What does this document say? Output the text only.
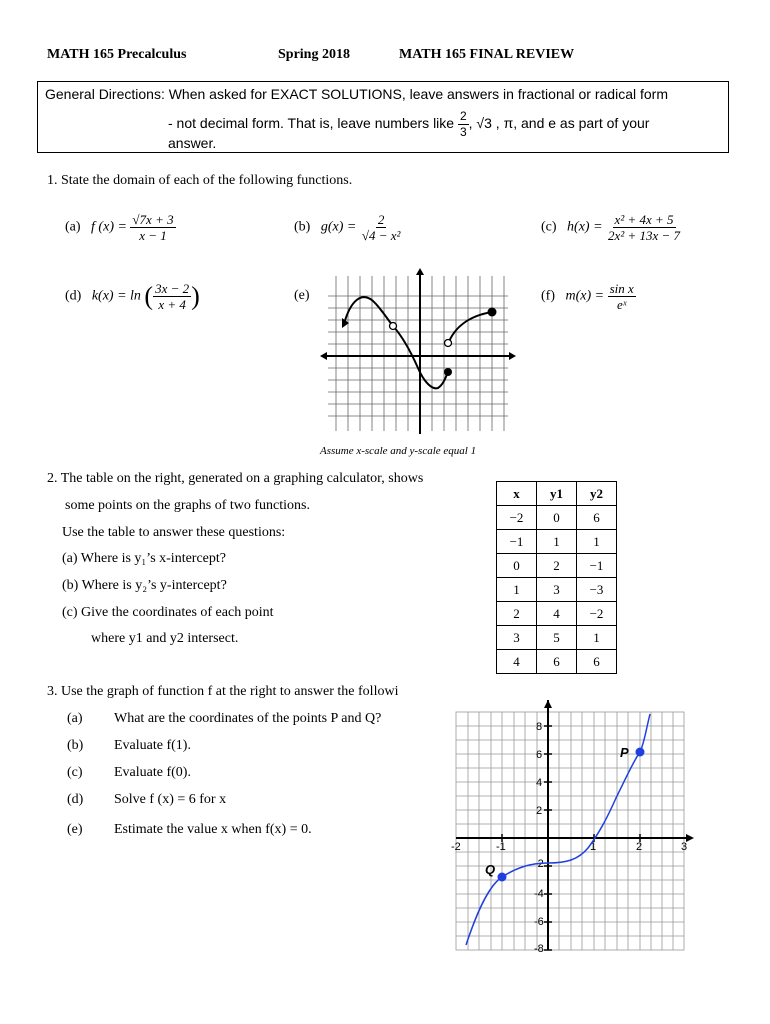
MATH 165 Precalculus	Spring 2018	MATH 165 FINAL REVIEW
General Directions: When asked for EXACT SOLUTIONS, leave answers in fractional or radical form
- not decimal form. That is, leave numbers like $\frac{2}{3}$ , √3 , π, and e as part of your
answer.
1. State the domain of each of the following functions.
(a) f $(x) = \frac{√7x + 3}{x - 1}$	(b) $g(x) = \frac{2}{\text{√4 − x²}}$	(c) $h(x) = \frac{\text{x² + 4x + 5}}{\text{2x² + 13x − 7}}$
(d) k(x) = ln ( $\frac{3x - 2}{x + 4}$ )	(e)	(f) $m(x) = \frac{\text{sin x}}{\text{eˣ}}$
Assume x-scale and y-scale equal 1
2. The table on the right, generated on a graphing calculator, shows
some points on the graphs of two functions.
Use the table to answer these questions:
(a) Where is y₁’s x-intercept?
(b) Where is y₂’s y-intercept?
(c) Give the coordinates of each point
where y1 and y2 intersect.
x	y1	y2
−2	0	6
−1	1	1
0	2	−1
1	3	−3
2	4	−2
3	5	1
4	6	6
3. Use the graph of function f at the right to answer the followi
(a) What are the coordinates of the points P and Q?
(b) Evaluate f(1).
(c) Evaluate f(0).
(d) Solve f (x) = 6 for x
(e) Estimate the value x when f(x) = 0.
-2	-1	1	2	3
8
6
4
2
-2
-4
-6
-8
P
Q
